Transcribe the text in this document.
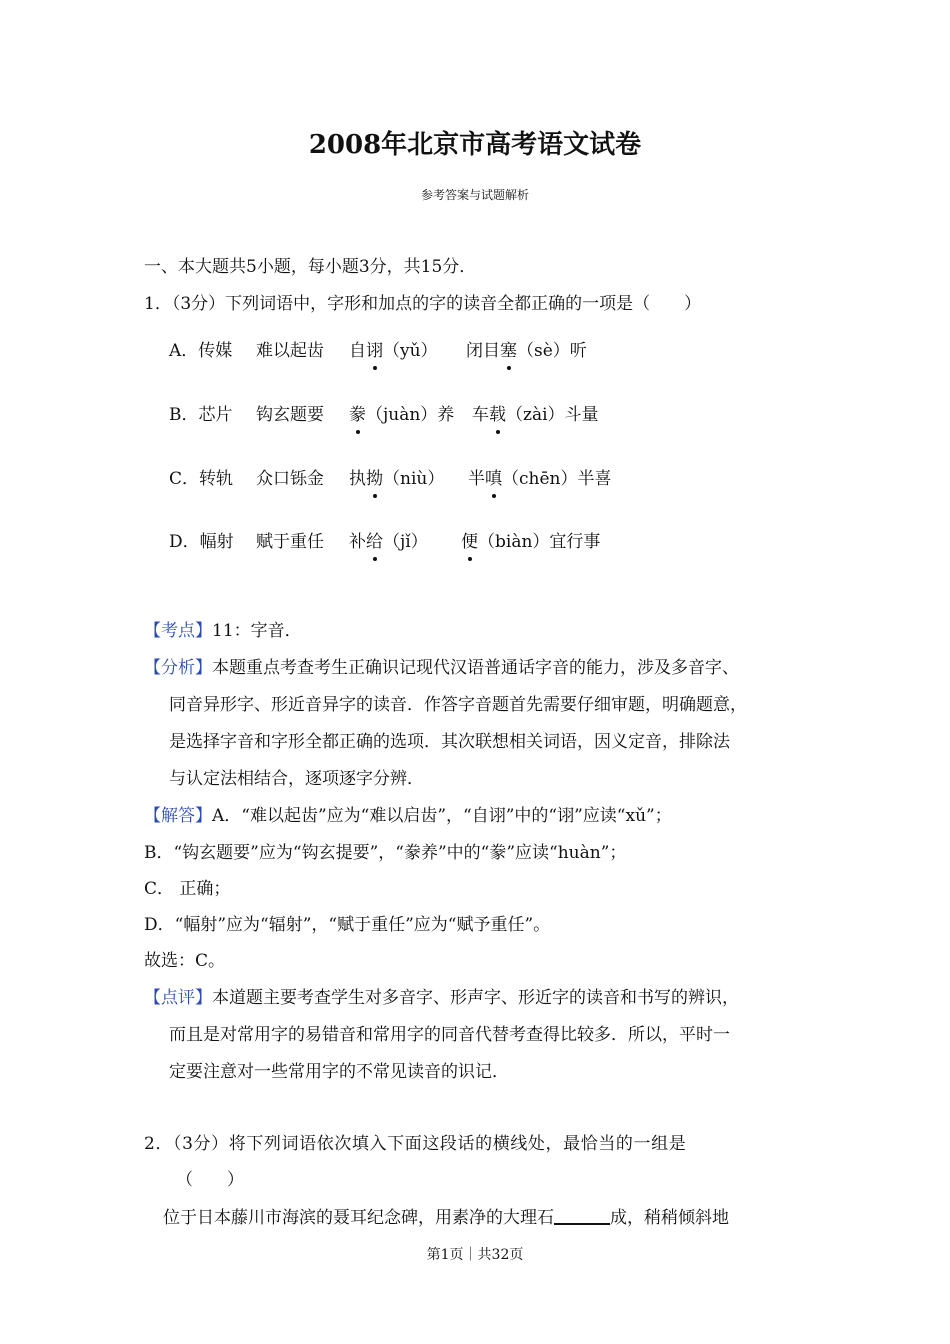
2008年北京市高考语文试卷
参考答案与试题解析
一、本大题共5小题，每小题3分，共15分．
1．（3分）下列词语中，字形和加点的字的读音全都正确的一项是（　　）
A．传媒 难以起齿 自诩（yǔ） 闭目塞（sè）听
B．芯片 钩玄题要 豢（juàn）养 车载（zài）斗量
C．转轨 众口铄金 执拗（niù） 半嗔（chēn）半喜
D．幅射 赋于重任 补给（jǐ） 便（biàn）宜行事
【考点】11：字音．
【分析】本题重点考查考生正确识记现代汉语普通话字音的能力，涉及多音字、
同音异形字、形近音异字的读音．作答字音题首先需要仔细审题，明确题意，
是选择字音和字形全都正确的选项．其次联想相关词语，因义定音，排除法
与认定法相结合，逐项逐字分辨．
【解答】A．“难以起齿”应为“难以启齿”，“自诩”中的“诩”应读“xǔ”；
B．“钩玄题要”应为“钩玄提要”，“豢养”中的“豢”应读“huàn”；
C． 正确；
D．“幅射”应为“辐射”，“赋于重任”应为“赋予重任”。
故选：C。
【点评】本道题主要考查学生对多音字、形声字、形近字的读音和书写的辨识，
而且是对常用字的易错音和常用字的同音代替考查得比较多．所以，平时一
定要注意对一些常用字的不常见读音的识记．
2．（3分）将下列词语依次填入下面这段话的横线处，最恰当的一组是
（　　）
位于日本藤川市海滨的聂耳纪念碑，用素净的大理石	成，稍稍倾斜地
第1页｜共32页
